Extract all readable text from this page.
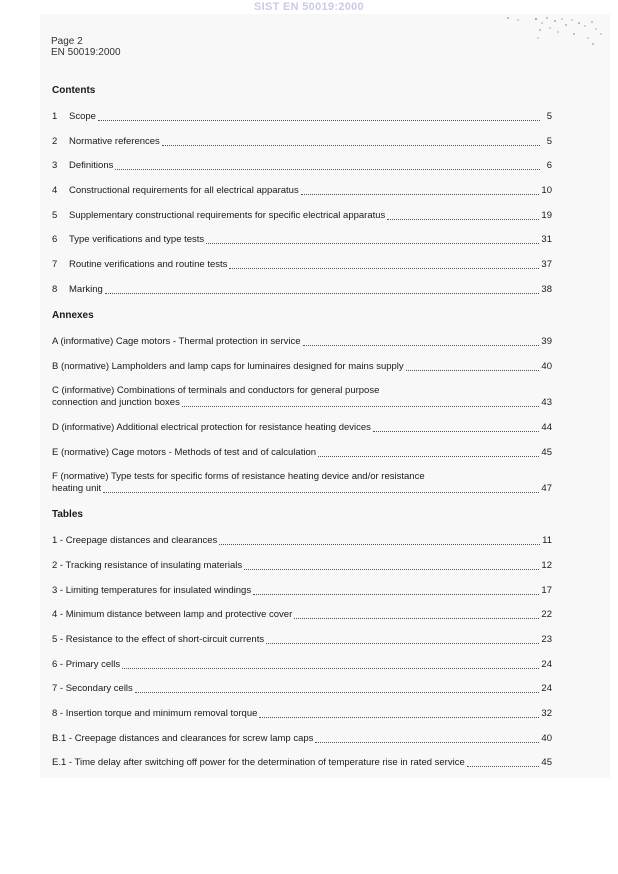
SIST EN 50019:2000
Page 2
EN 50019:2000
Contents
1	Scope	5
2	Normative references	5
3	Definitions	6
4	Constructional requirements for all electrical apparatus	10
5	Supplementary constructional requirements for specific electrical apparatus	19
6	Type verifications and type tests	31
7	Routine verifications and routine tests	37
8	Marking	38
Annexes
A (informative) Cage motors - Thermal protection in service	39
B (normative) Lampholders and lamp caps for luminaires designed for mains supply	40
C (informative) Combinations of terminals and conductors for general purpose
connection and junction boxes	43
D (informative) Additional electrical protection for resistance heating devices	44
E (normative) Cage motors - Methods of test and of calculation	45
F (normative) Type tests for specific forms of resistance heating device and/or resistance
heating unit	47
Tables
1 - Creepage distances and clearances	11
2 - Tracking resistance of insulating materials	12
3 - Limiting temperatures for insulated windings	17
4 - Minimum distance between lamp and protective cover	22
5 - Resistance to the effect of short-circuit currents	23
6 - Primary cells	24
7 - Secondary cells	24
8 - Insertion torque and minimum removal torque	32
B.1 - Creepage distances and clearances for screw lamp caps	40
E.1 - Time delay after switching off power for the determination of temperature rise in rated service	45
